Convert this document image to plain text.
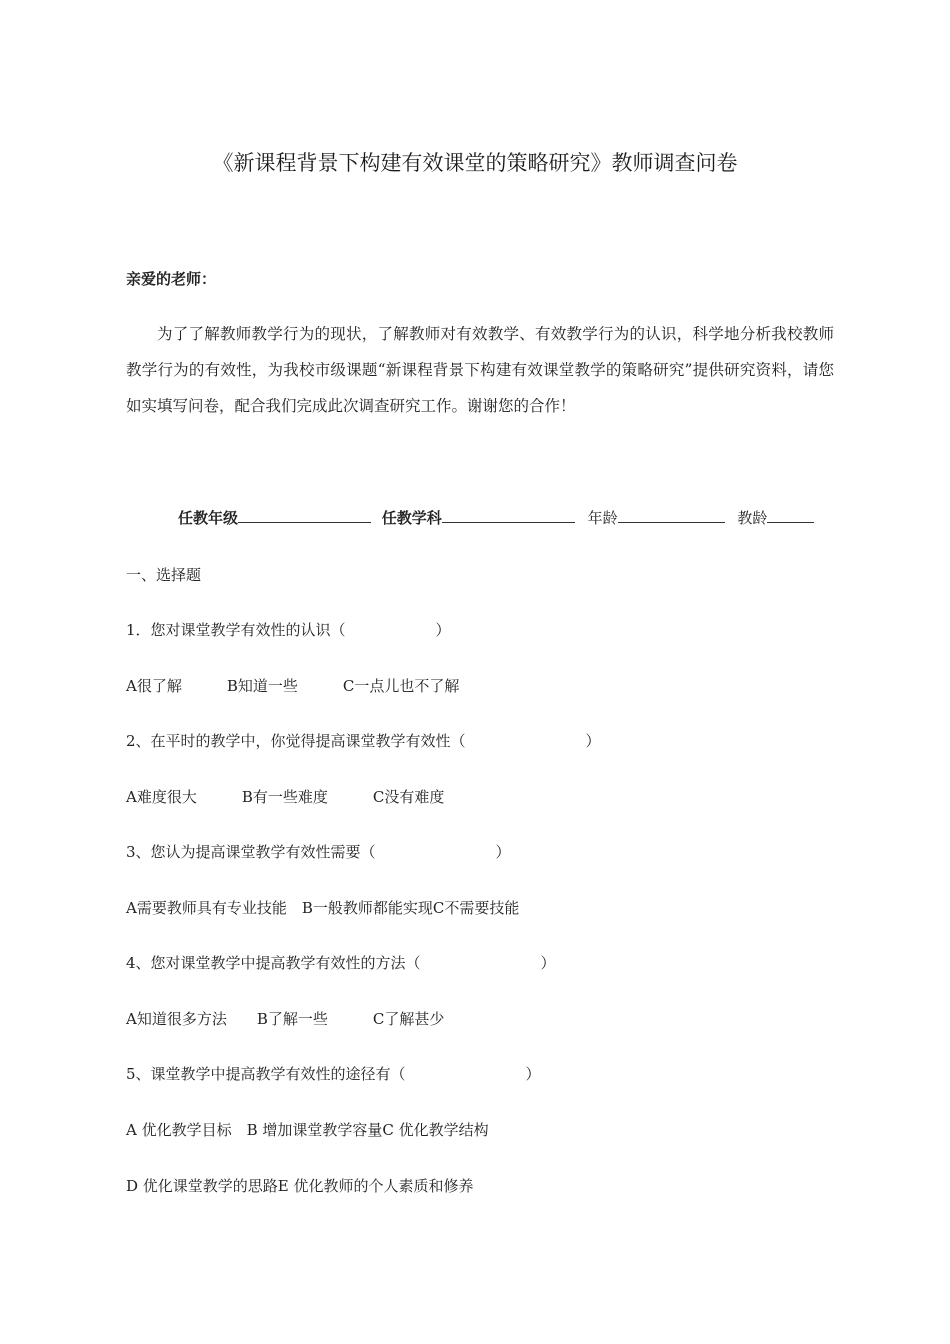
《新课程背景下构建有效课堂的策略研究》教师调查问卷
亲爱的老师：

为了了解教师教学行为的现状，了解教师对有效教学、有效教学行为的认识，科学地分析我校教师教学行为的有效性，为我校市级课题“新课程背景下构建有效课堂教学的策略研究”提供研究资料，请您如实填写问卷，配合我们完成此次调查研究工作。谢谢您的合作！

任教年级	任教学科	年龄	教龄
一、选择题
1．您对课堂教学有效性的认识（　　　　　　）
A很了解　　　B知道一些　　　C一点儿也不了解
2、在平时的教学中，你觉得提高课堂教学有效性（　　　　　　　　）
A难度很大　　　B有一些难度　　　C没有难度
3、您认为提高课堂教学有效性需要（　　　　　　　　）
A需要教师具有专业技能　B一般教师都能实现C不需要技能
4、您对课堂教学中提高教学有效性的方法（　　　　　　　　）
A知道很多方法　　B了解一些　　　C了解甚少
5、课堂教学中提高教学有效性的途径有（　　　　　　　　）
A 优化教学目标　B 增加课堂教学容量C 优化教学结构
D 优化课堂教学的思路E 优化教师的个人素质和修养
